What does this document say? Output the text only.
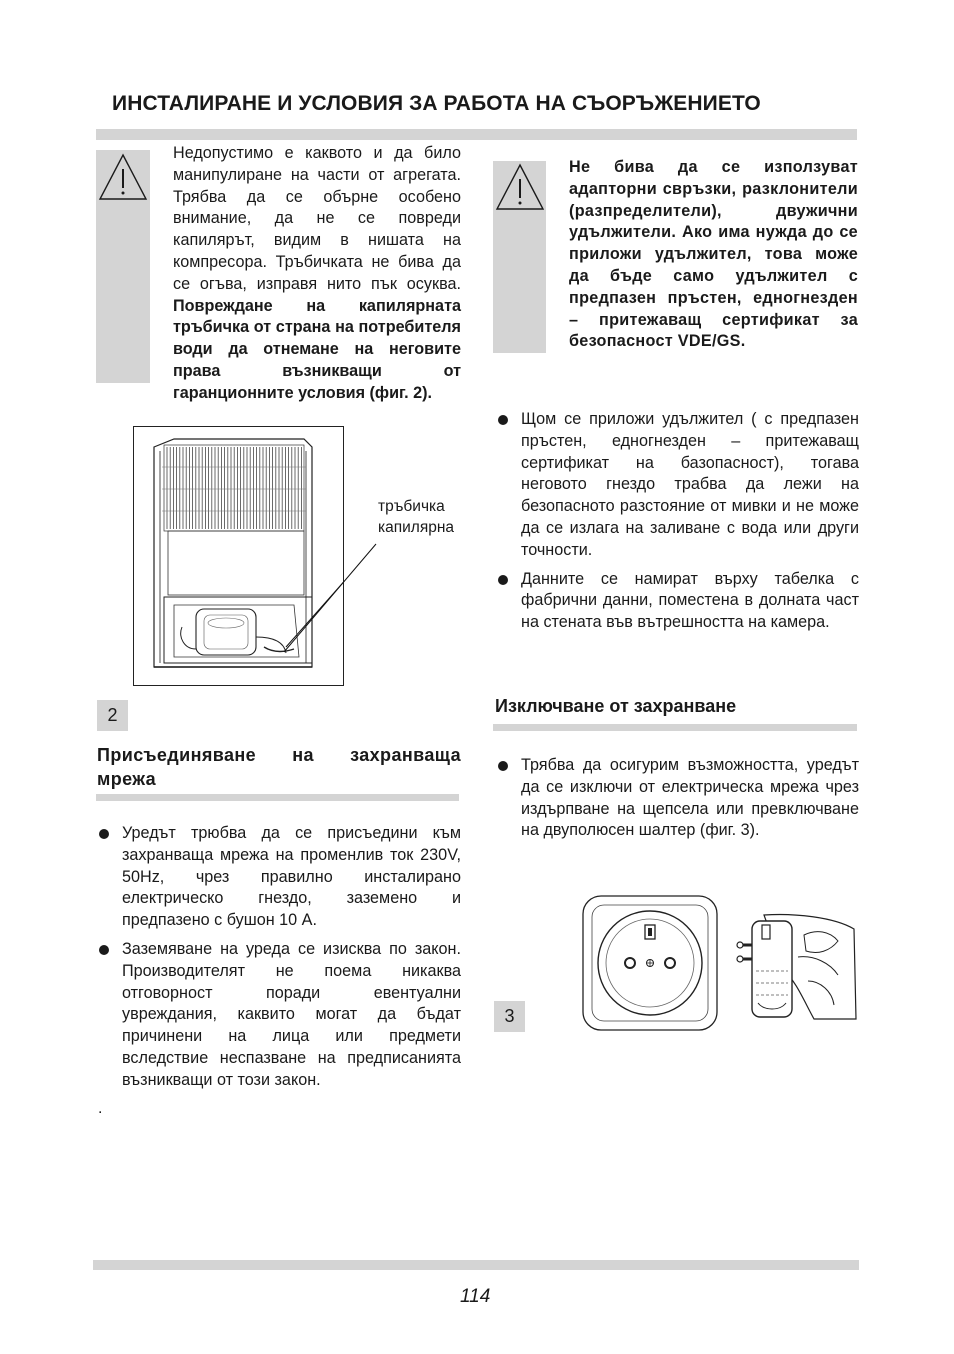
ИНСТАЛИРАНЕ И УСЛОВИЯ ЗА РАБОТА НА СЪОРЪЖЕНИЕТО

Недопустимо е каквото и да било манипулиране на части от агрегата. Трябва да се обърне особено внимание, да не се повреди капилярът, видим в нишата на компресора. Тръбичката не бива да се огъва, изправя нито пък осуква. Повреждане на капилярната тръбичка от страна на потребителя води да отнемане на неговите права възникващи от гаранционните условия (фиг. 2).

тръбичка
капилярна
2
Присъединяване на захранваща мрежа
Уредът трюбва да се присъедини към захранваща мрежа на променлив ток 230V, 50Hz, чрез правилно инсталирано електрическо гнездо, заземено и предпазено с бушон 10 А.
Заземяване на уреда се изисква по закон. Производителят не поема никаква отговорност поради евентуални увреждания, каквито могат да бъдат причинени на лица или предмети вследствие неспазване на предписанията възникващи от този закон.
.
Не бива да се използуват адапторни свръзки, разклонители (разпределители), двужични удължители. Ако има нужда до се приложи удължител, това може да бъде само удължител с предпазен пръстен, едногнезден – притежаващ сертификат за безопасност VDE/GS.
Щом се приложи удължител ( с предпазен пръстен, едногнезден – притежаващ сертификат на базопасност), тогава неговото гнездо трабва да лежи на безопасното разстояние от мивки и не може да се излага на заливане с вода или други точности.
Данните се намират върху табелка с фабрични данни, поместена в долната част на стената във вътрешността на камера.
Изключване от захранване
Трябва да осигурим възможността, уредът да се изключи от електрическа мрежа чрез издърпване на щепсела или превключване на двуполюсен шалтер (фиг. 3).
3
114
